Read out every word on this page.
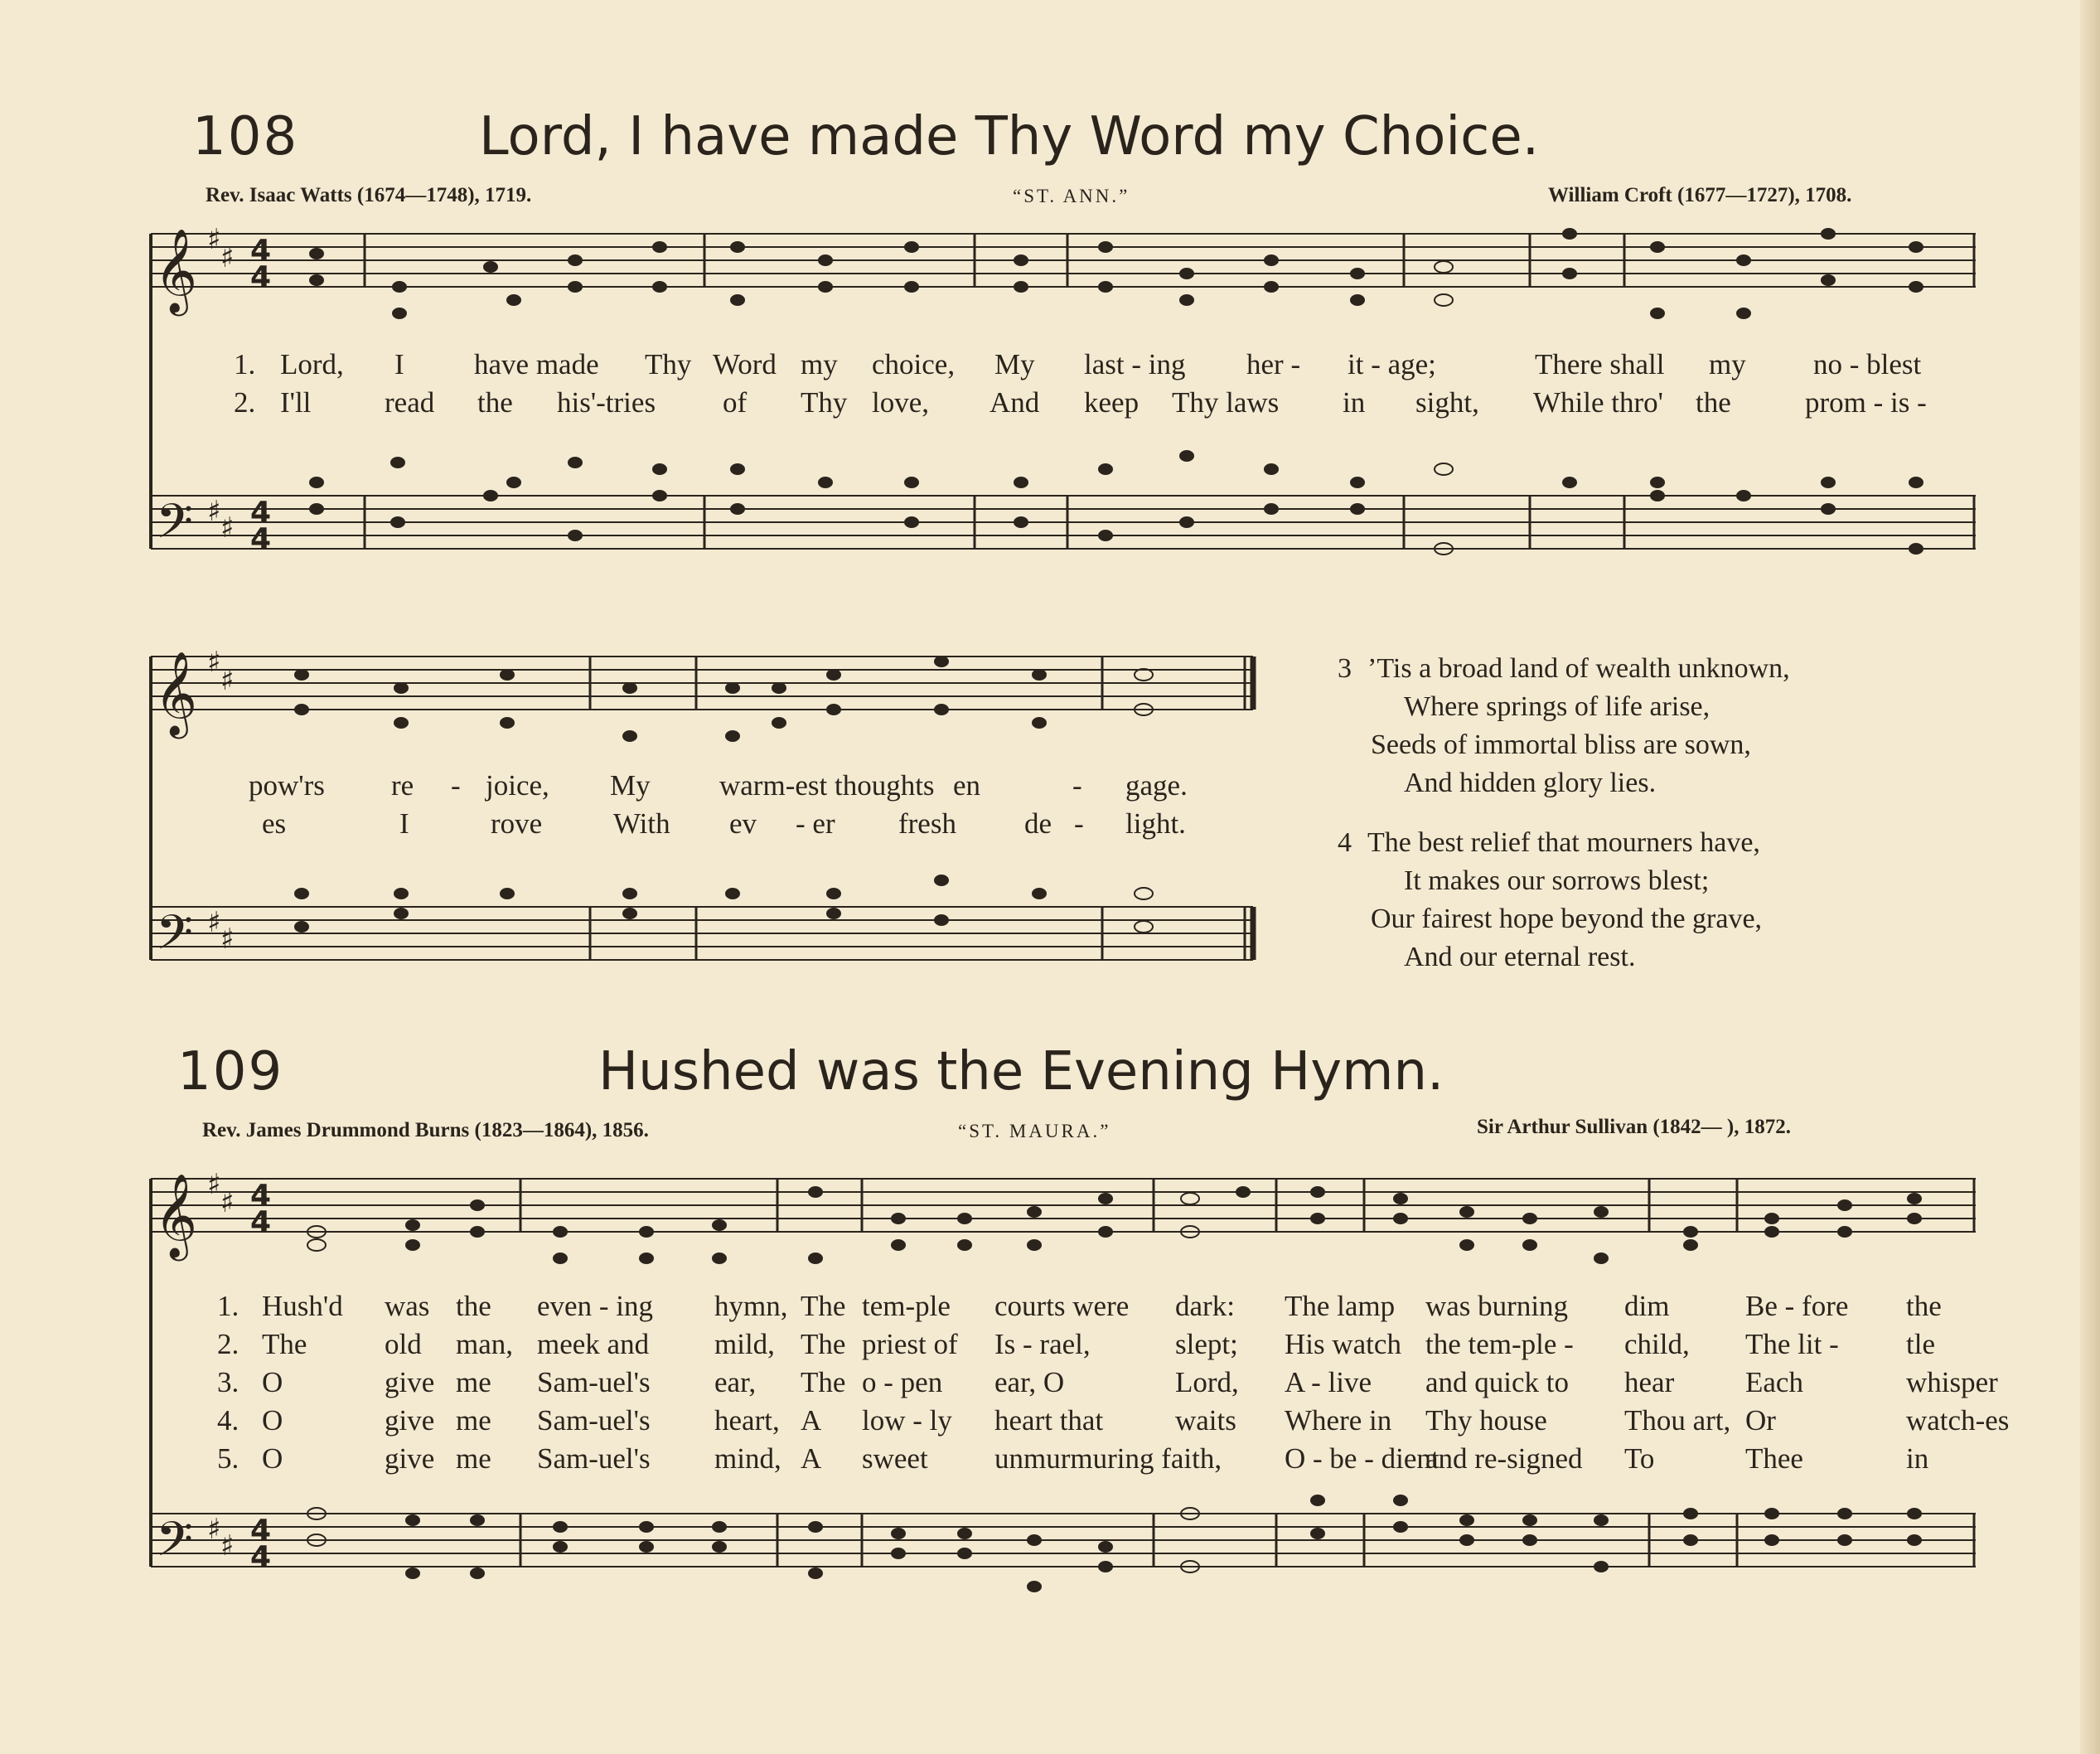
108	Lord, I have made Thy Word my Choice.
Rev. Isaac Watts (1674—1748), 1719.	“ST. ANN.”	William Croft (1677—1727), 1708.
𝄞
𝄢
𝄞
𝄢
𝄞
𝄢
♯
♯
♯ ♯
♯
♯
♯ ♯
♯
♯
♯ ♯
4
4
4
4
4
4
4
4
1. Lord, I have made Thy Word my choice, My last - ing her - it - age;	There shall my no - blest
2. I'll	read the his'-tries of Thy love, And keep Thy laws in sight, While thro' the	prom - is -
pow'rs re - joice, My warm-est thoughts en	- gage.
es	I	rove With ev - er fresh de - light.
3 ’Tis a broad land of wealth unknown,
Where springs of life arise,
Seeds of immortal bliss are sown,
And hidden glory lies.
4 The best relief that mourners have,
It makes our sorrows blest;
Our fairest hope beyond the grave,
And our eternal rest.
109	Hushed was the Evening Hymn.
Rev. James Drummond Burns (1823—1864), 1856.	“ST. MAURA.”	Sir Arthur Sullivan (1842— ), 1872.
1.
2.
3.
4.
5.
Hush'd was the even - ing hymn, The tem-ple courts were dark: The lamp was burning dim	Be - fore the
The	old man, meek and mild, The priest of Is - rael,	slept; His watch the tem-ple - child, The lit - tle
O	give me Sam-uel's ear, The o - pen ear, O	Lord, A - live and quick to hear Each	whisper
O	give me Sam-uel's heart, A low - ly heart that waits Where in Thy house	Thou art, Or	watch-es
O	give me Sam-uel's mind, A sweet unmurmuring faith, O - be - dient
and re-signed To	Thee	in
